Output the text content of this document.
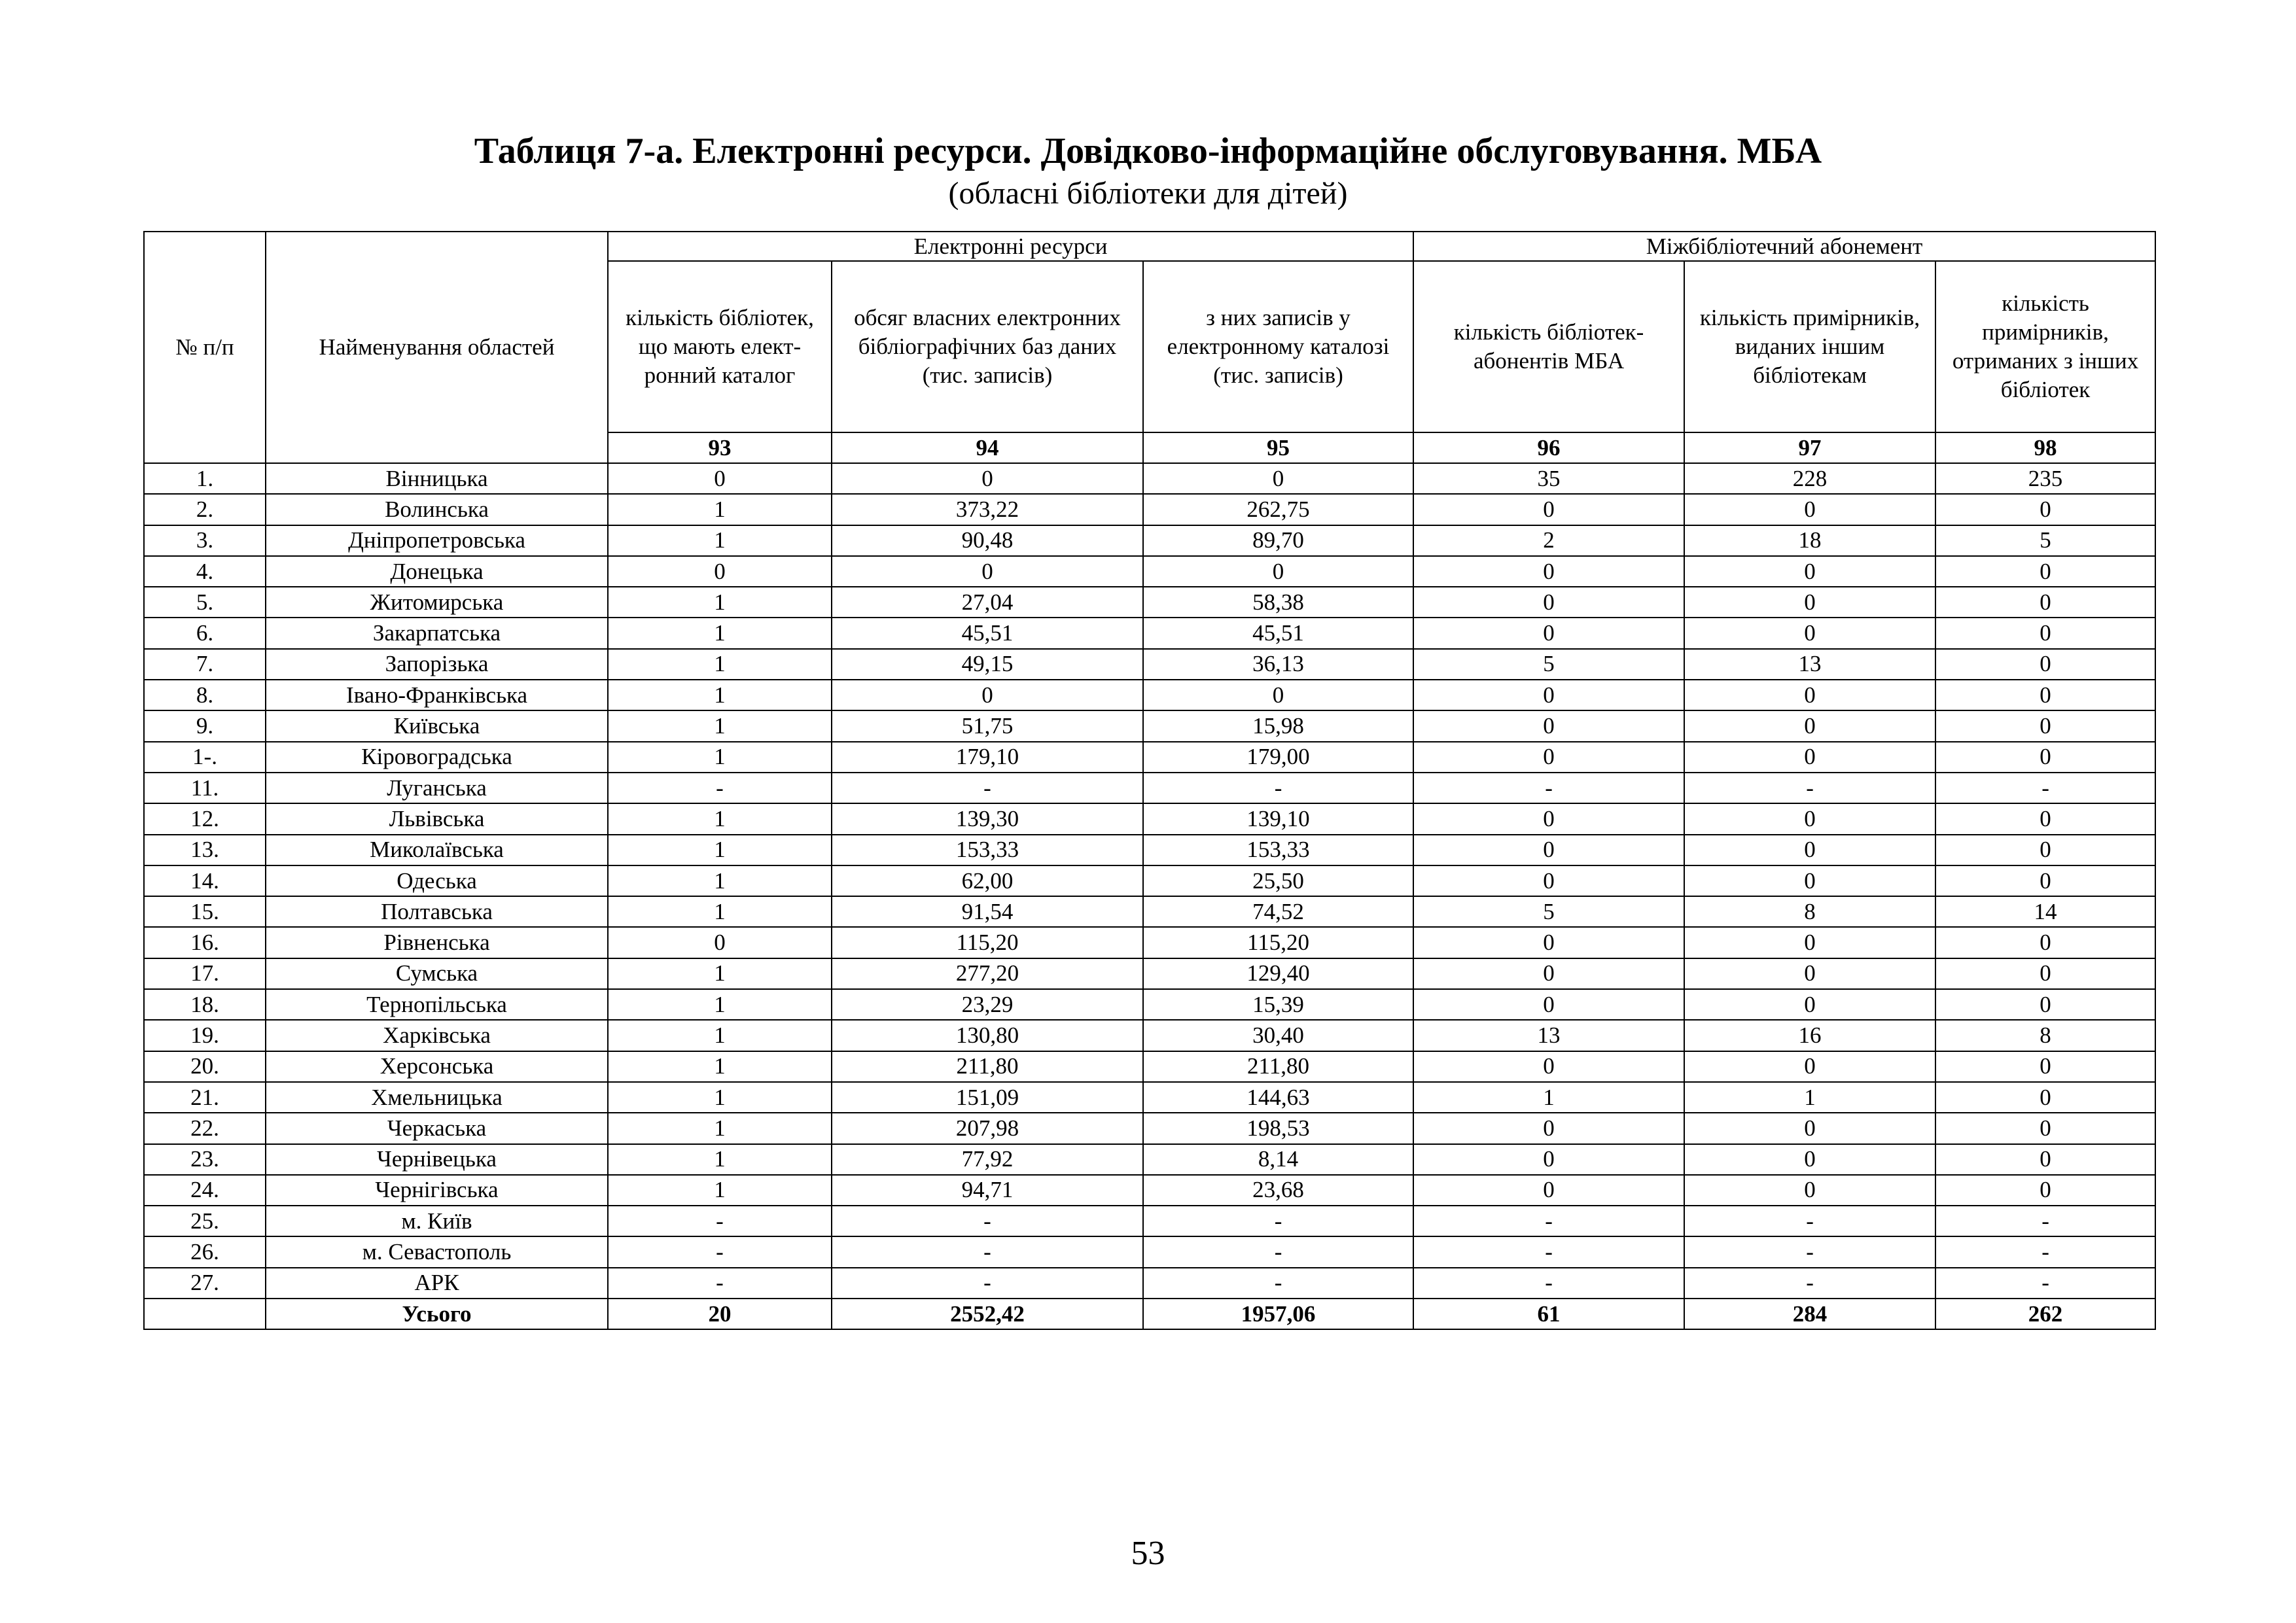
Таблиця 7-а. Електронні ресурси. Довідково-інформаційне обслуговування. МБА
(обласні бібліотеки для дітей)
№ п/п	Найменування областей	Електронні ресурси			Міжбібліотечний абонемент		
		кількість бібліотек, що мають елект-ронний каталог	обсяг власних електронних бібліографічних баз даних (тис. записів)	з них записів у електронному каталозі (тис. записів)	кількість бібліотек-абонентів МБА	кількість примірників, виданих іншим бібліотекам	кількість примірників, отриманих з інших бібліотек
		93	94	95	96	97	98
1.	Вінницька	0	0	0	35	228	235
2.	Волинська	1	373,22	262,75	0	0	0
3.	Дніпропетровська	1	90,48	89,70	2	18	5
4.	Донецька	0	0	0	0	0	0
5.	Житомирська	1	27,04	58,38	0	0	0
6.	Закарпатська	1	45,51	45,51	0	0	0
7.	Запорізька	1	49,15	36,13	5	13	0
8.	Івано-Франківська	1	0	0	0	0	0
9.	Київська	1	51,75	15,98	0	0	0
1-.	Кіровоградська	1	179,10	179,00	0	0	0
11.	Луганська	-	-	-	-	-	-
12.	Львівська	1	139,30	139,10	0	0	0
13.	Миколаївська	1	153,33	153,33	0	0	0
14.	Одеська	1	62,00	25,50	0	0	0
15.	Полтавська	1	91,54	74,52	5	8	14
16.	Рівненська	0	115,20	115,20	0	0	0
17.	Сумська	1	277,20	129,40	0	0	0
18.	Тернопільська	1	23,29	15,39	0	0	0
19.	Харківська	1	130,80	30,40	13	16	8
20.	Херсонська	1	211,80	211,80	0	0	0
21.	Хмельницька	1	151,09	144,63	1	1	0
22.	Черкаська	1	207,98	198,53	0	0	0
23.	Чернівецька	1	77,92	8,14	0	0	0
24.	Чернігівська	1	94,71	23,68	0	0	0
25.	м. Київ	-	-	-	-	-	-
26.	м. Севастополь	-	-	-	-	-	-
27.	АРК	-	-	-	-	-	-
	Усього	20	2552,42	1957,06	61	284	262
53
